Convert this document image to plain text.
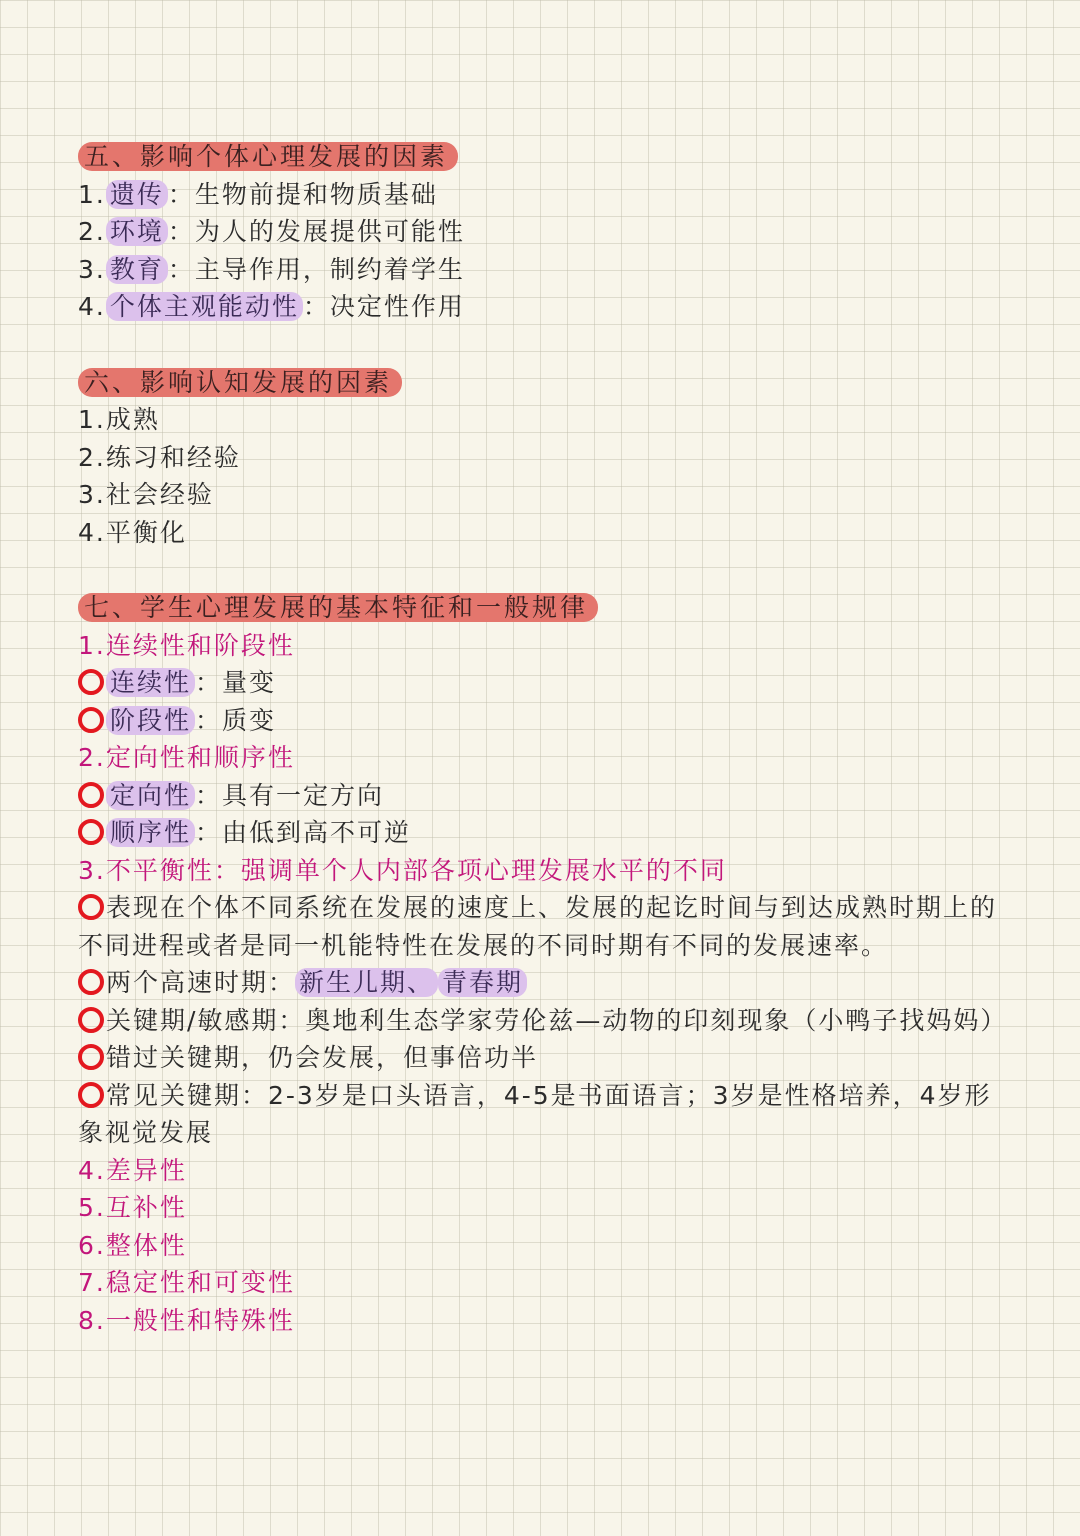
五、影响个体心理发展的因素
1. 遗传 ：生物前提和物质基础
2. 环境 ：为人的发展提供可能性
3. 教育 ：主导作用，制约着学生
4. 个体主观能动性 ：决定性作用
六、影响认知发展的因素
1.成熟
2.练习和经验
3.社会经验
4.平衡化
七、学生心理发展的基本特征和一般规律
1.连续性和阶段性
连续性 ：量变
阶段性 ：质变
2.定向性和顺序性
定向性 ：具有一定方向
顺序性 ：由低到高不可逆
3.不平衡性：强调单个人内部各项心理发展水平的不同
表现在个体不同系统在发展的速度上、发展的起讫时间与到达成熟时期上的不同进程或者是同一机能特性在发展的不同时期有不同的发展速率。
两个高速时期： 新生儿期、 青春期
关键期/敏感期：奥地利生态学家劳伦兹—动物的印刻现象（小鸭子找妈妈）
错过关键期，仍会发展，但事倍功半
常见关键期：2-3岁是口头语言，4-5是书面语言；3岁是性格培养，4岁形象视觉发展
4.差异性
5.互补性
6.整体性
7.稳定性和可变性
8.一般性和特殊性
